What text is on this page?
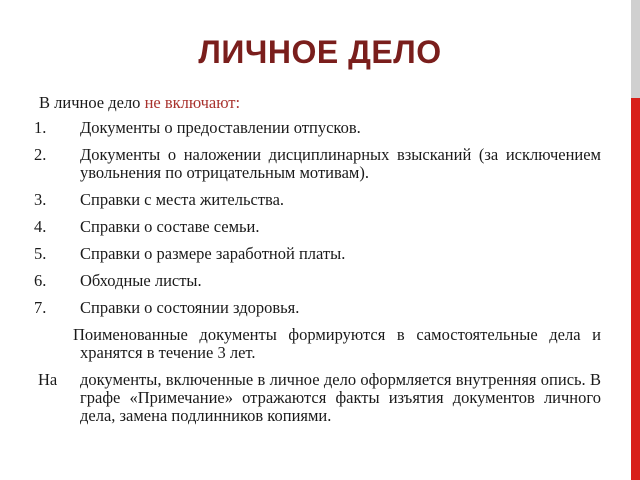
ЛИЧНОЕ ДЕЛО

В личное дело не включают:

1.	Документы о предоставлении отпусков.
2.	Документы о наложении дисциплинарных взысканий (за исключением увольнения по отрицательным мотивам).
3.	Справки с места жительства.
4.	Справки о составе семьи.
5.	Справки о размере заработной платы.
6.	Обходные листы.
7.	Справки о состоянии здоровья.
Поименованные документы формируются в самостоятельные дела и хранятся в течение 3 лет.
На	документы, включенные в личное дело оформляется внутренняя опись. В графе «Примечание» отражаются факты изъятия документов личного дела, замена подлинников копиями.
